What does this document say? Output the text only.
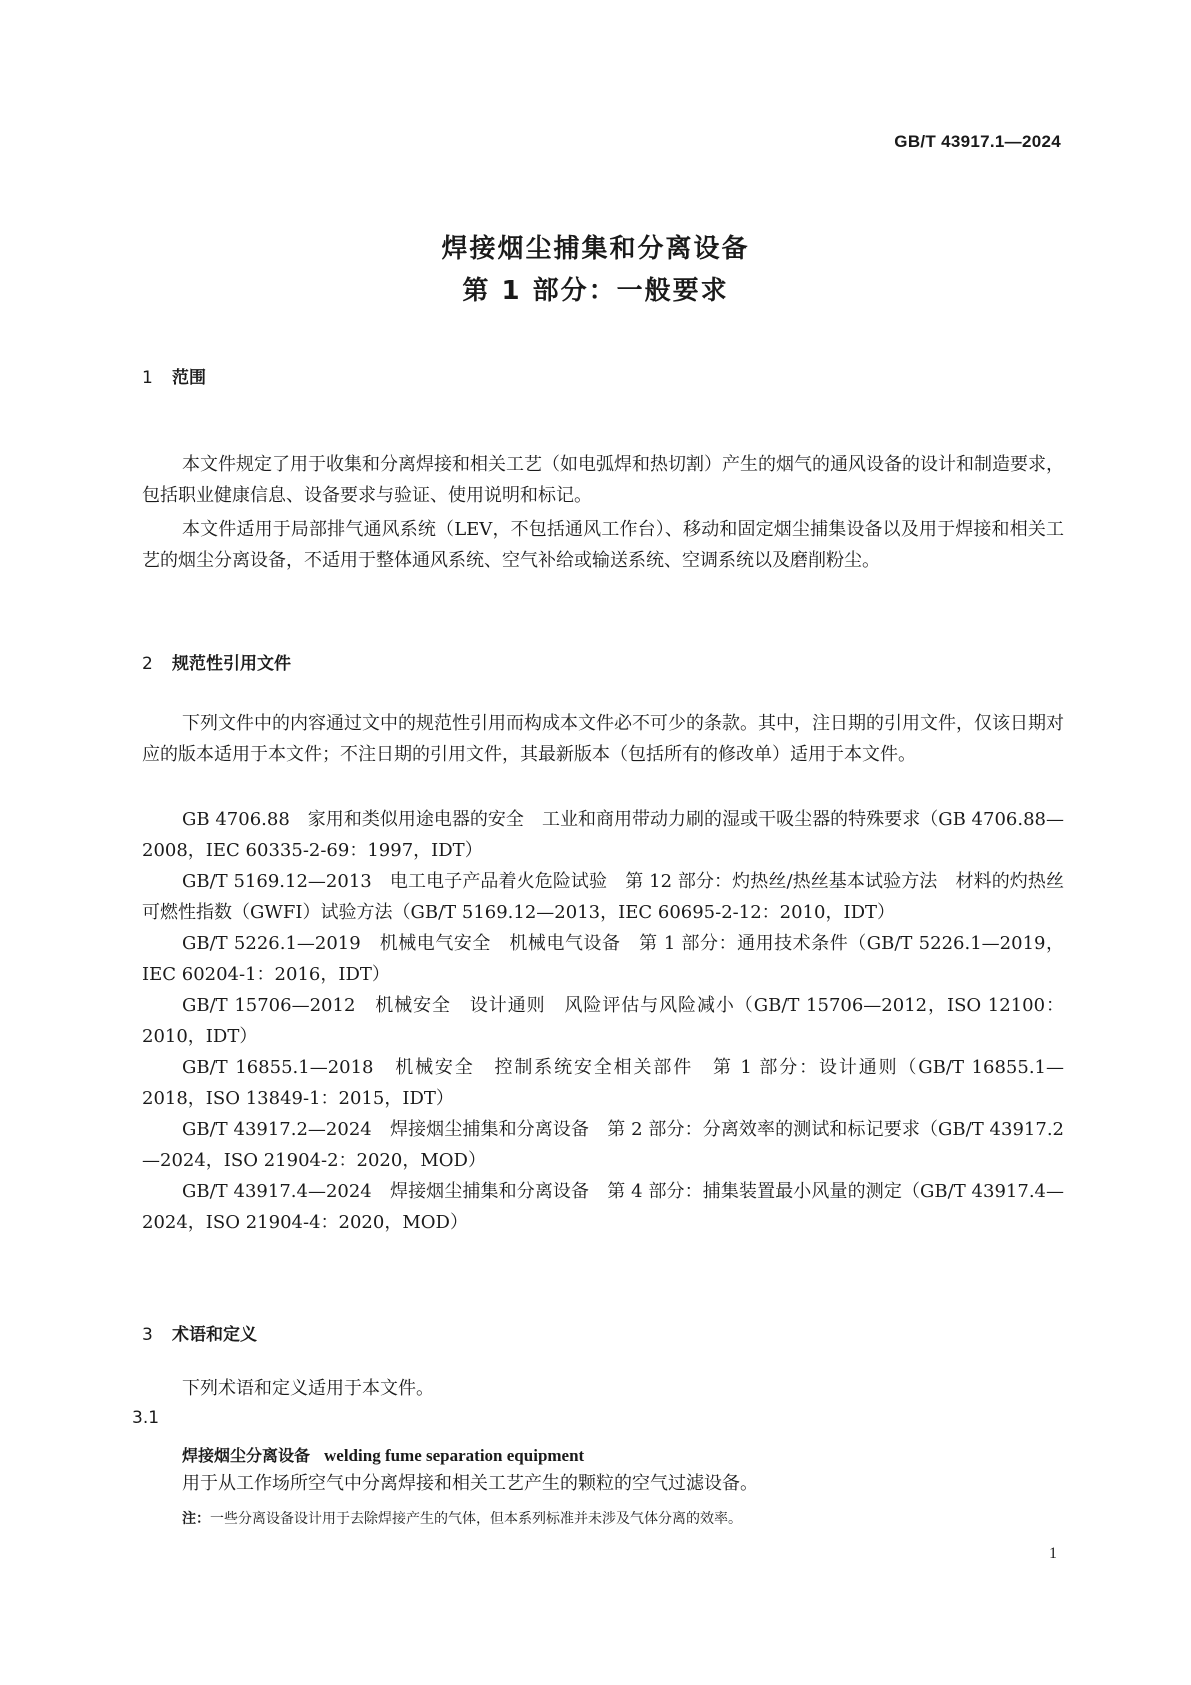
GB/T 43917.1—2024
焊接烟尘捕集和分离设备
第 1 部分：一般要求
1 范围
本文件规定了用于收集和分离焊接和相关工艺（如电弧焊和热切割）产生的烟气的通风设备的设计和制造要求，包括职业健康信息、设备要求与验证、使用说明和标记。
本文件适用于局部排气通风系统（LEV，不包括通风工作台）、移动和固定烟尘捕集设备以及用于焊接和相关工艺的烟尘分离设备，不适用于整体通风系统、空气补给或输送系统、空调系统以及磨削粉尘。
2 规范性引用文件
下列文件中的内容通过文中的规范性引用而构成本文件必不可少的条款。其中，注日期的引用文件，仅该日期对应的版本适用于本文件；不注日期的引用文件，其最新版本（包括所有的修改单）适用于本文件。
GB 4706.88　家用和类似用途电器的安全　工业和商用带动力刷的湿或干吸尘器的特殊要求（GB 4706.88—2008，IEC 60335-2-69：1997，IDT）
GB/T 5169.12—2013　电工电子产品着火危险试验　第 12 部分：灼热丝/热丝基本试验方法　材料的灼热丝可燃性指数（GWFI）试验方法（GB/T 5169.12—2013，IEC 60695-2-12：2010，IDT）
GB/T 5226.1—2019　机械电气安全　机械电气设备　第 1 部分：通用技术条件（GB/T 5226.1—2019，IEC 60204-1：2016，IDT）
GB/T 15706—2012　机械安全　设计通则　风险评估与风险减小（GB/T 15706—2012，ISO 12100：2010，IDT）
GB/T 16855.1—2018　机械安全　控制系统安全相关部件　第 1 部分：设计通则（GB/T 16855.1—2018，ISO 13849-1：2015，IDT）
GB/T 43917.2—2024　焊接烟尘捕集和分离设备　第 2 部分：分离效率的测试和标记要求（GB/T 43917.2—2024，ISO 21904-2：2020，MOD）
GB/T 43917.4—2024　焊接烟尘捕集和分离设备　第 4 部分：捕集装置最小风量的测定（GB/T 43917.4—2024，ISO 21904-4：2020，MOD）
3 术语和定义
下列术语和定义适用于本文件。
3.1
焊接烟尘分离设备 welding fume separation equipment
用于从工作场所空气中分离焊接和相关工艺产生的颗粒的空气过滤设备。
注：一些分离设备设计用于去除焊接产生的气体，但本系列标准并未涉及气体分离的效率。
1
